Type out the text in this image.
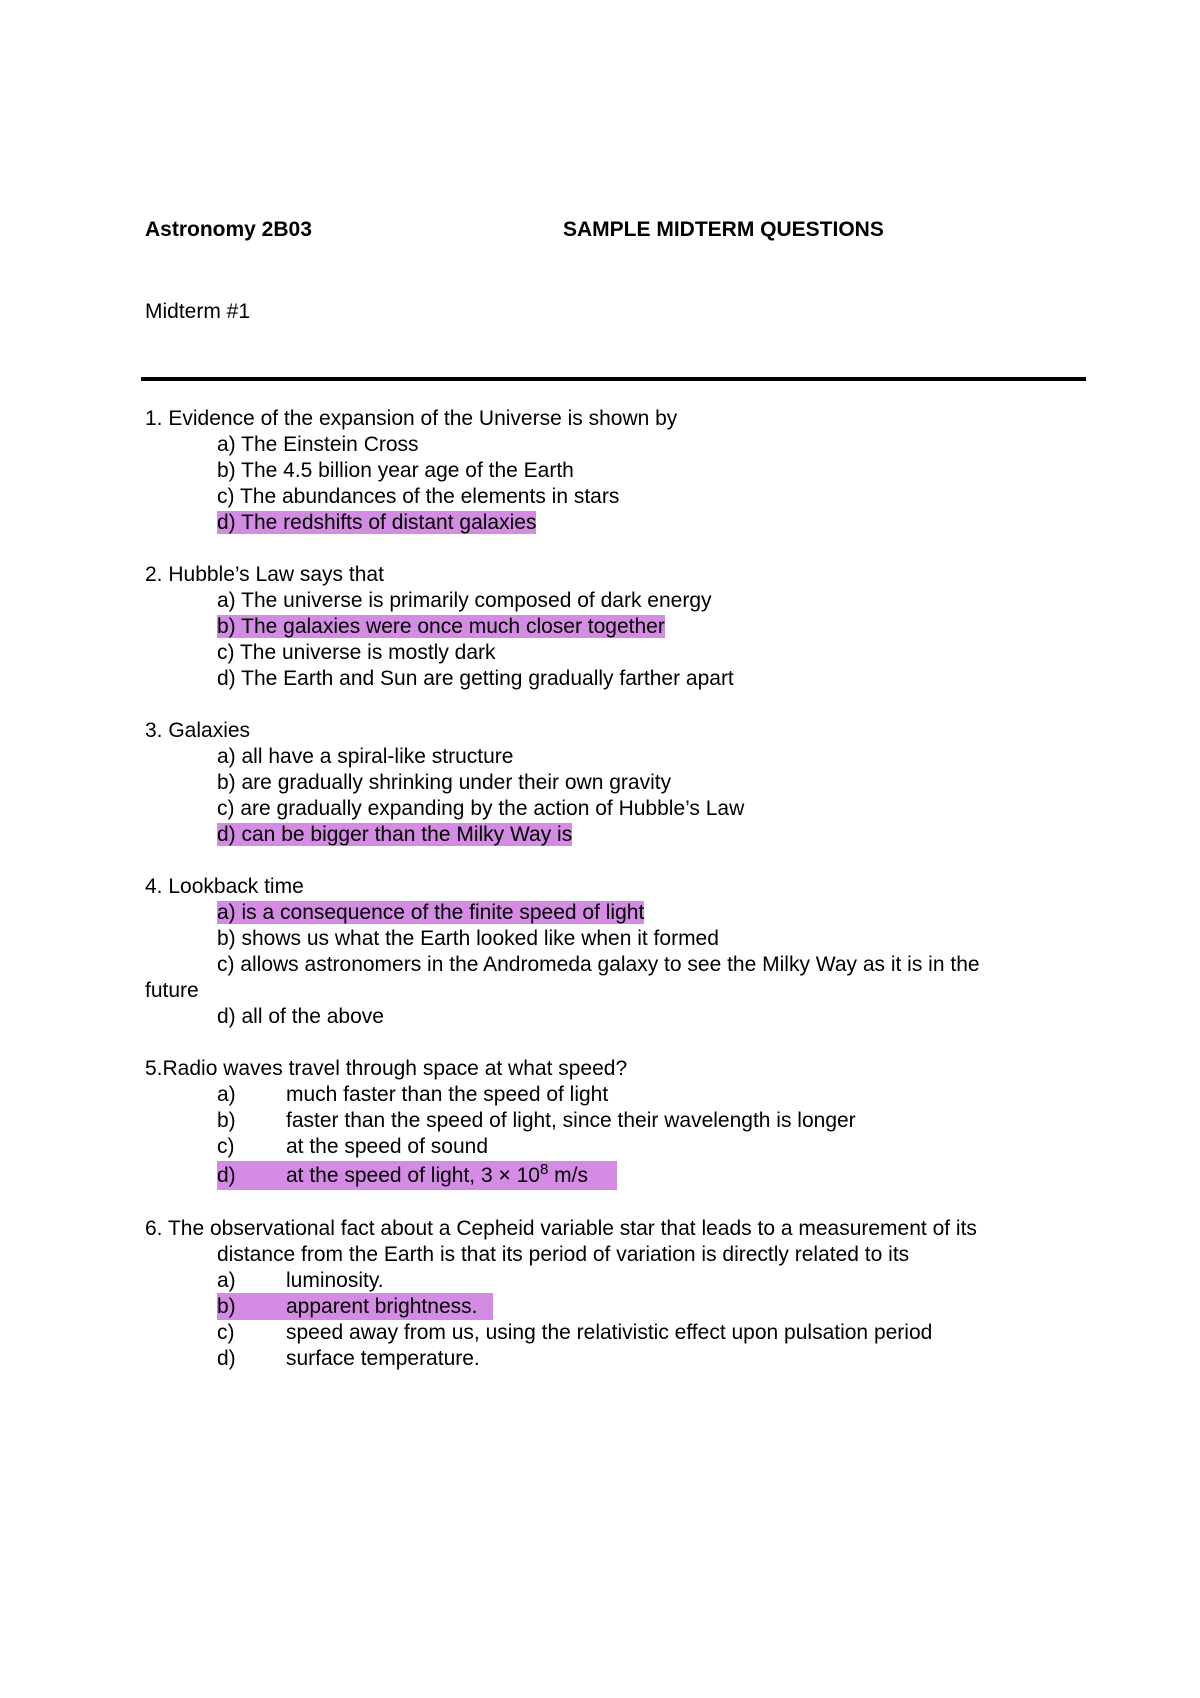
Astronomy 2B03	SAMPLE MIDTERM QUESTIONS
Midterm #1
1. Evidence of the expansion of the Universe is shown by
a) The Einstein Cross
b) The 4.5 billion year age of the Earth
c) The abundances of the elements in stars
d) The redshifts of distant galaxies
2. Hubble’s Law says that
a) The universe is primarily composed of dark energy
b) The galaxies were once much closer together
c) The universe is mostly dark
d) The Earth and Sun are getting gradually farther apart
3. Galaxies
a) all have a spiral-like structure
b) are gradually shrinking under their own gravity
c) are gradually expanding by the action of Hubble’s Law
d) can be bigger than the Milky Way is
4. Lookback time
a) is a consequence of the finite speed of light
b) shows us what the Earth looked like when it formed
c) allows astronomers in the Andromeda galaxy to see the Milky Way as it is in the
future
d) all of the above
5.Radio waves travel through space at what speed?
a) much faster than the speed of light
b) faster than the speed of light, since their wavelength is longer
c) at the speed of sound
d) at the speed of light, $3 \times 10^8$ m/s
6. The observational fact about a Cepheid variable star that leads to a measurement of its
distance from the Earth is that its period of variation is directly related to its
a) luminosity.
b) apparent brightness.
c) speed away from us, using the relativistic effect upon pulsation period
d) surface temperature.
